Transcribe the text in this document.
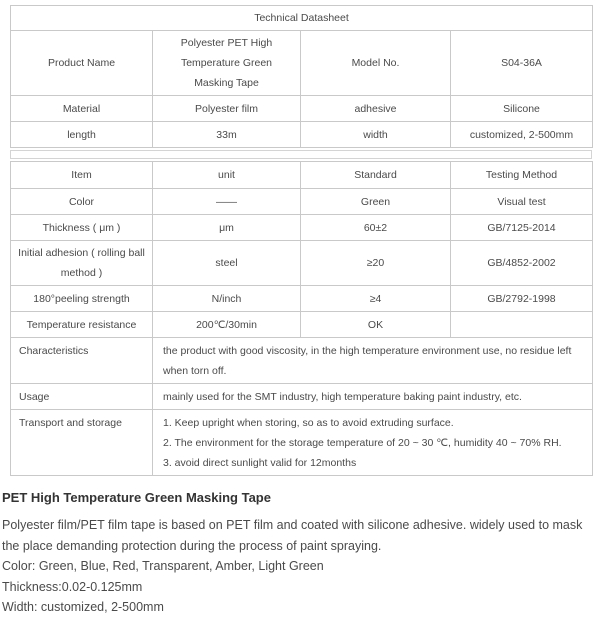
Technical Datasheet			
Product Name	Polyester PET High Temperature Green Masking Tape	Model No.	S04-36A
Material	Polyester film	adhesive	Silicone
length	33m	width	customized, 2-500mm
Item	unit	Standard	Testing Method
Color	——	Green	Visual test
Thickness ( μm )	μm	60±2	GB/7125-2014
Initial adhesion ( rolling ball method )	steel	≥20	GB/4852-2002
180°peeling strength	N/inch	≥4	GB/2792-1998
Temperature resistance	200℃/30min	OK	
Characteristics	the product with good viscosity, in the high temperature environment use, no residue left when torn off.		
Usage	mainly used for the SMT industry, high temperature baking paint industry, etc.		
Transport and storage	1. Keep upright when storing, so as to avoid extruding surface.
2. The environment for the storage temperature of 20 ~ 30 ℃, humidity 40 ~ 70% RH.
3. avoid direct sunlight valid for 12months		
PET High Temperature Green Masking Tape
Polyester film/PET film tape is based on PET film and coated with silicone adhesive. widely used to mask the place demanding protection during the process of paint spraying.
Color: Green, Blue, Red, Transparent, Amber, Light Green
Thickness:0.02-0.125mm
Width: customized, 2-500mm
